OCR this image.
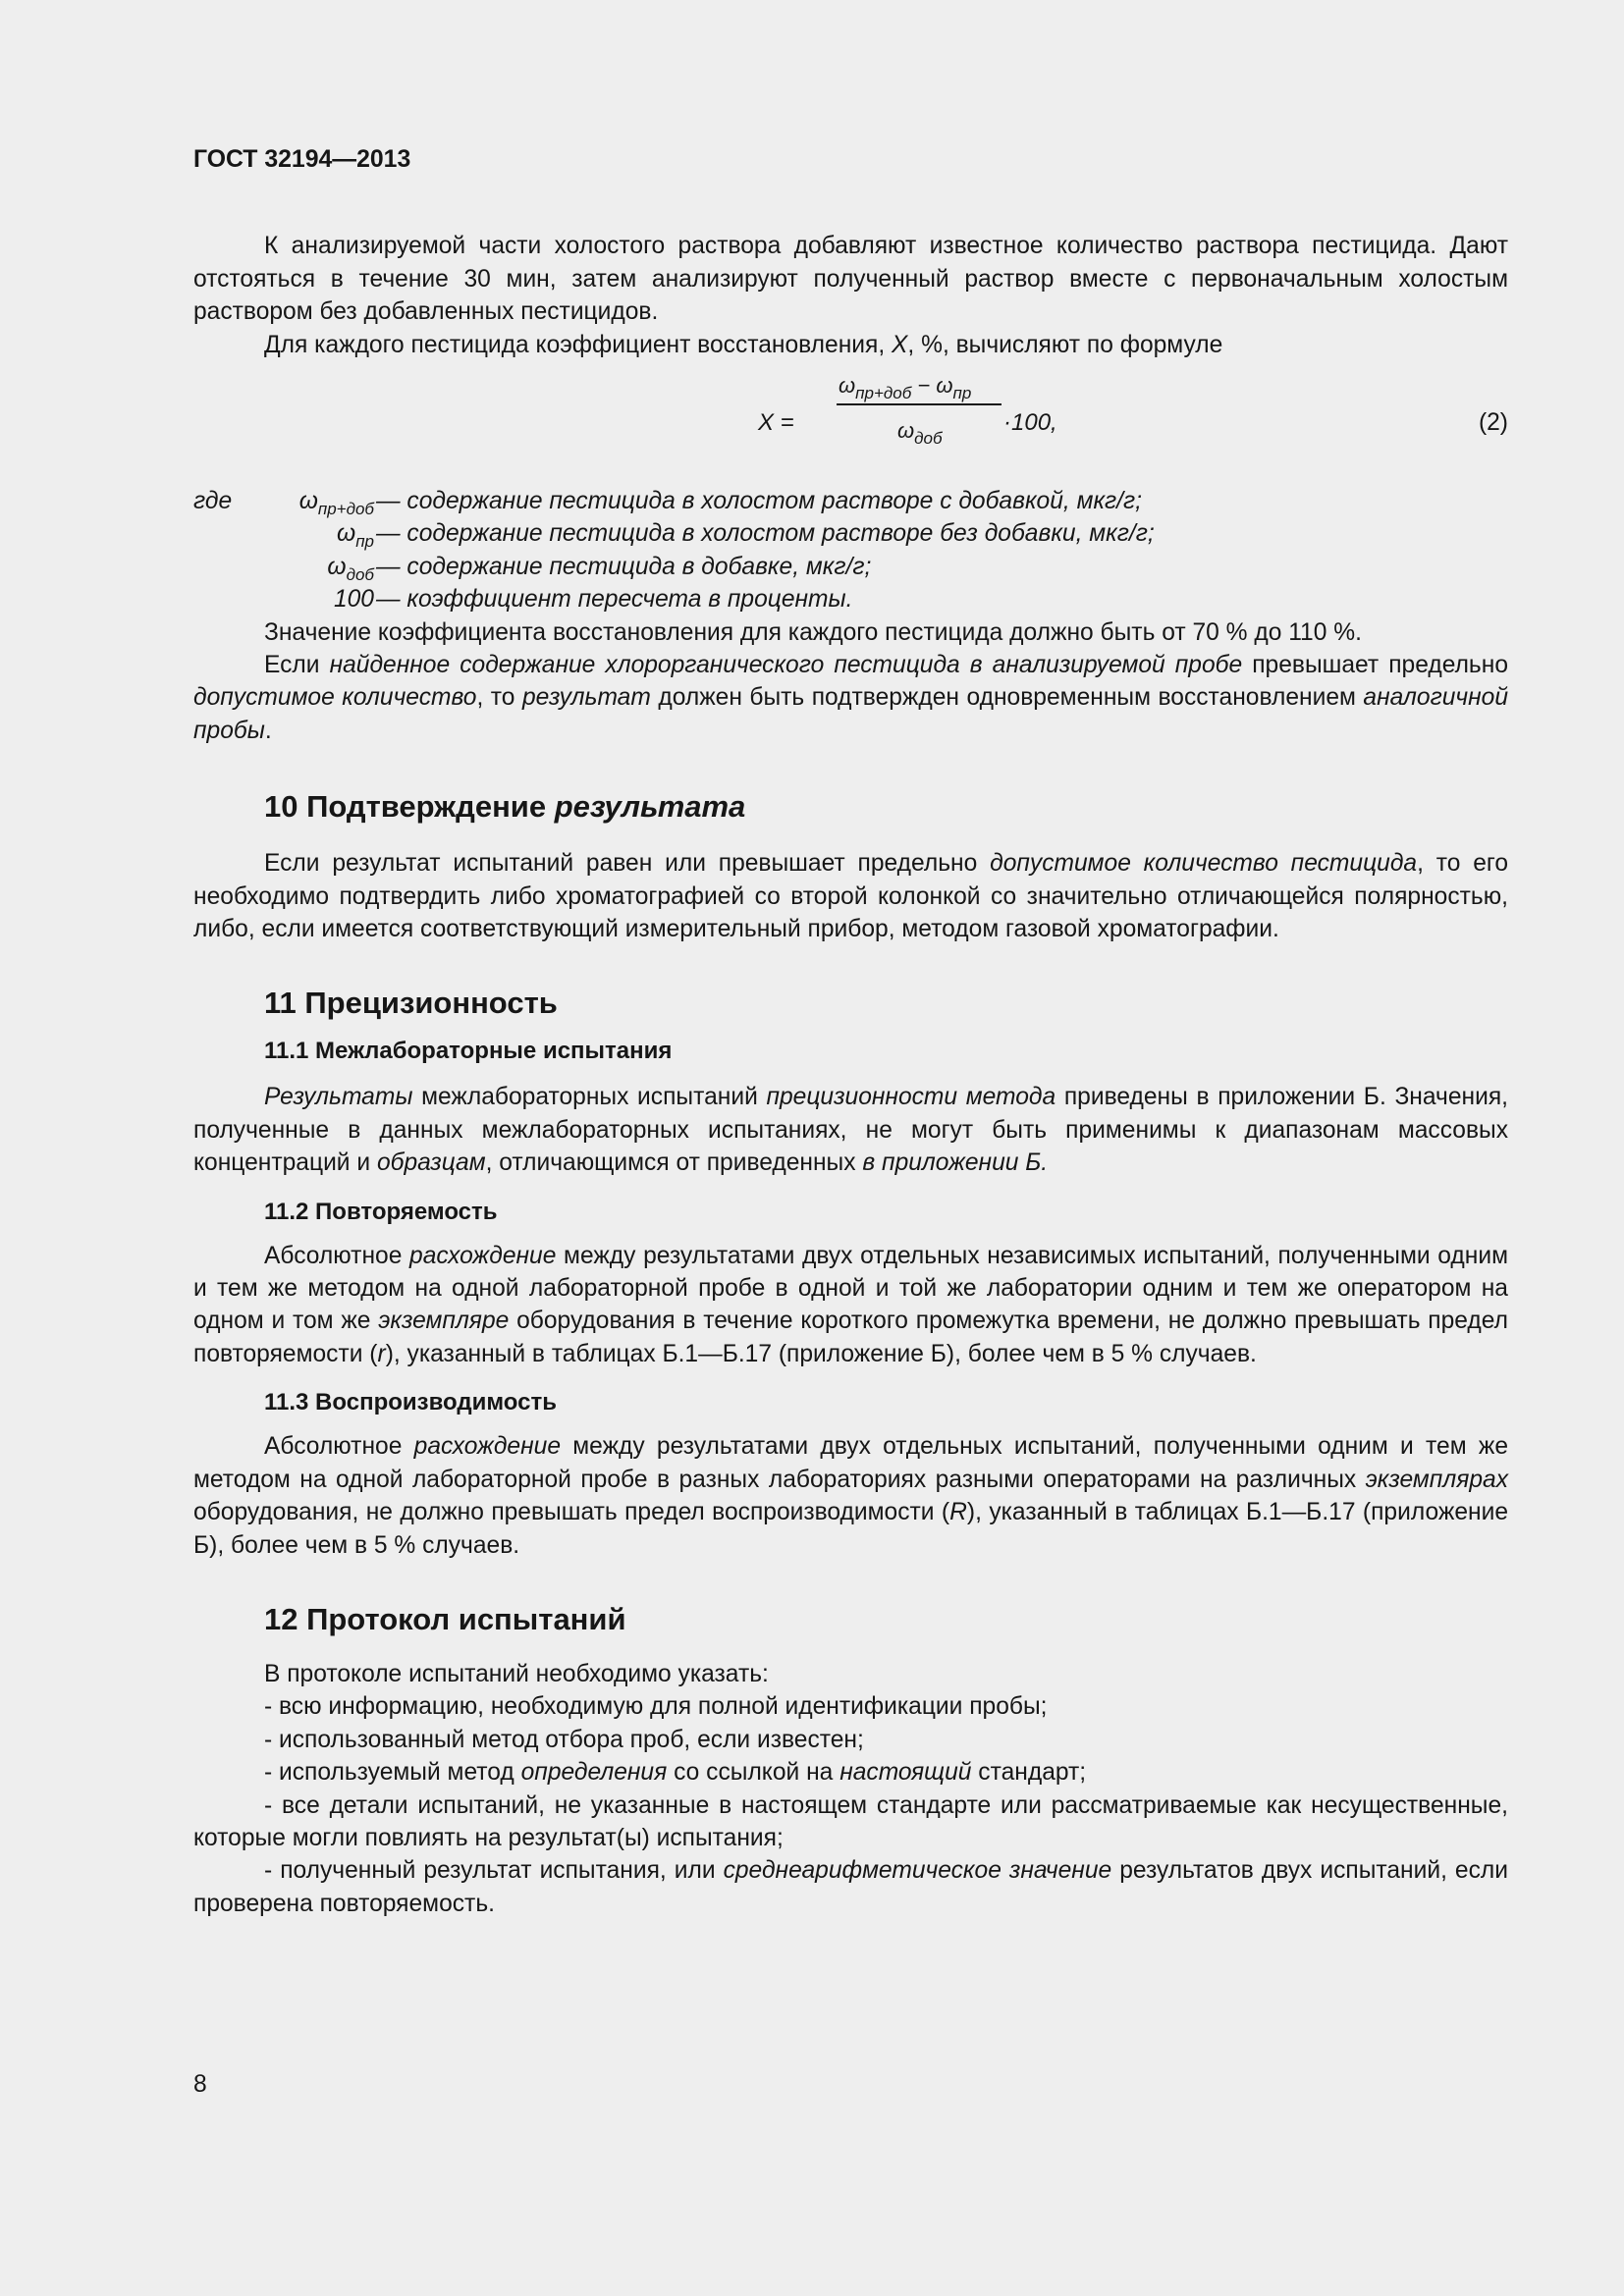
ГОСТ 32194—2013

К анализируемой части холостого раствора добавляют известное количество раствора пестицида. Дают отстояться в течение 30 мин, затем анализируют полученный раствор вместе с первоначальным холостым раствором без добавленных пестицидов.

Для каждого пестицида коэффициент восстановления, X, %, вычисляют по формуле

X =
$\omega_{пр+доб} - \omega_{пр}$
$\omega_{доб}$
·100,	(2)
где	$\omega_{пр+доб}$ — содержание пестицида в холостом растворе с добавкой, мкг/г;
$\omega_{пр}$ — содержание пестицида в холостом растворе без добавки, мкг/г;
$\omega_{доб}$ — содержание пестицида в добавке, мкг/г;
100 — коэффициент пересчета в проценты.

Значение коэффициента восстановления для каждого пестицида должно быть от 70 % до 110 %.

Если найденное содержание хлорорганического пестицида в анализируемой пробе превышает предельно допустимое количество, то результат должен быть подтвержден одновременным восстановлением аналогичной пробы.

10 Подтверждение результата

Если результат испытаний равен или превышает предельно допустимое количество пестицида, то его необходимо подтвердить либо хроматографией со второй колонкой со значительно отличающейся полярностью, либо, если имеется соответствующий измерительный прибор, методом газовой хроматографии.

11 Прецизионность
11.1 Межлабораторные испытания

Результаты межлабораторных испытаний прецизионности метода приведены в приложении Б. Значения, полученные в данных межлабораторных испытаниях, не могут быть применимы к диапазонам массовых концентраций и образцам, отличающимся от приведенных в приложении Б.

11.2 Повторяемость

Абсолютное расхождение между результатами двух отдельных независимых испытаний, полученными одним и тем же методом на одной лабораторной пробе в одной и той же лаборатории одним и тем же оператором на одном и том же экземпляре оборудования в течение короткого промежутка времени, не должно превышать предел повторяемости (r), указанный в таблицах Б.1—Б.17 (приложение Б), более чем в 5 % случаев.

11.3 Воспроизводимость

Абсолютное расхождение между результатами двух отдельных испытаний, полученными одним и тем же методом на одной лабораторной пробе в разных лабораториях разными операторами на различных экземплярах оборудования, не должно превышать предел воспроизводимости (R), указанный в таблицах Б.1—Б.17 (приложение Б), более чем в 5 % случаев.

12 Протокол испытаний

В протоколе испытаний необходимо указать:

- всю информацию, необходимую для полной идентификации пробы;

- использованный метод отбора проб, если известен;

- используемый метод определения со ссылкой на настоящий стандарт;

- все детали испытаний, не указанные в настоящем стандарте или рассматриваемые как несущественные, которые могли повлиять на результат(ы) испытания;

- полученный результат испытания, или среднеарифметическое значение результатов двух испытаний, если проверена повторяемость.

8
